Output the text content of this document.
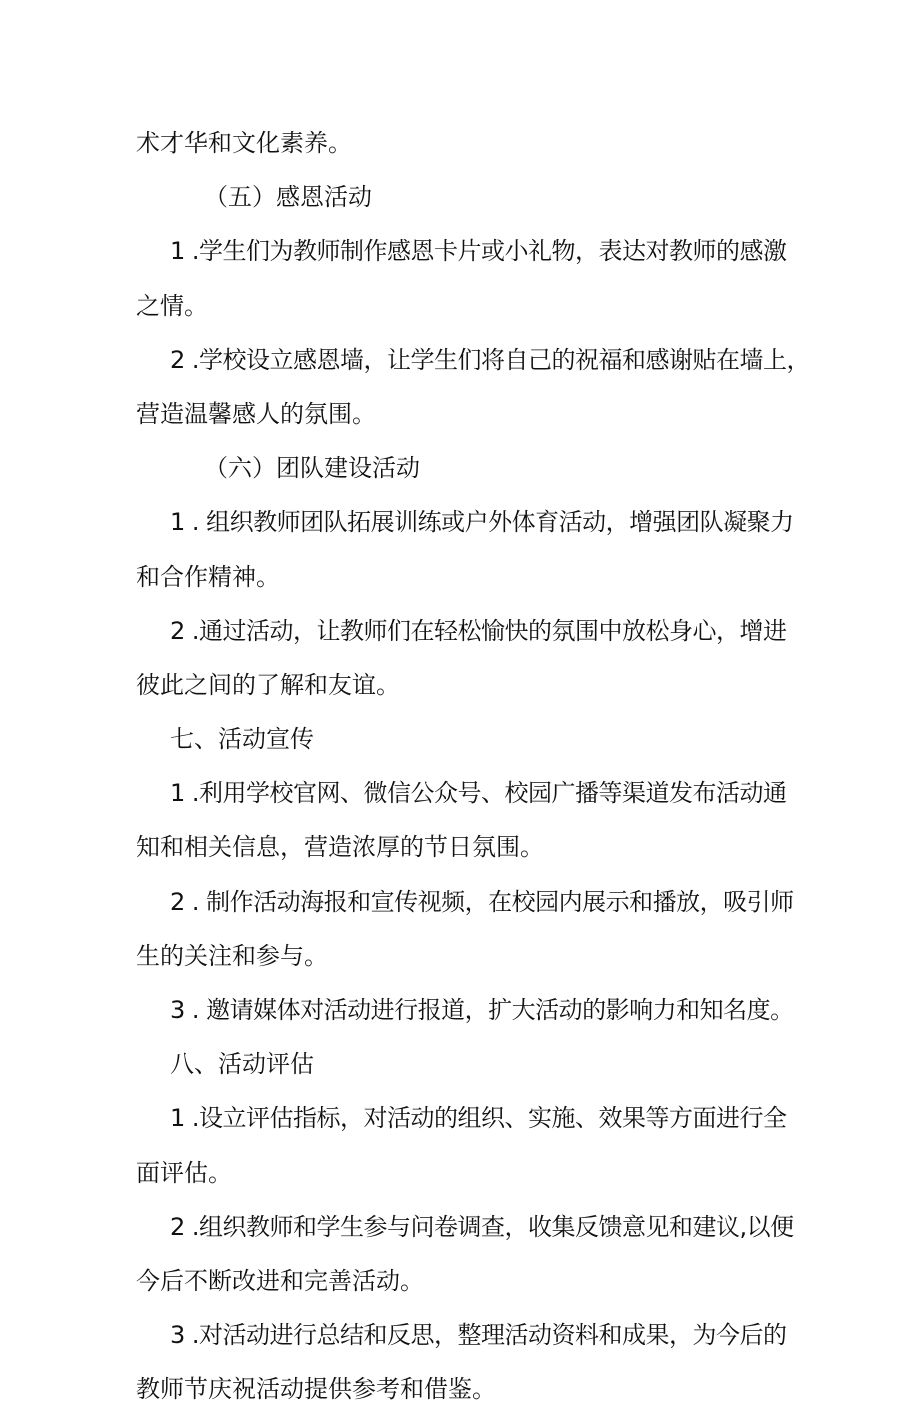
术才华和文化素养。
（五）感恩活动
1 .学生们为教师制作感恩卡片或小礼物，表达对教师的感激
之情。
2 .学校设立感恩墙，让学生们将自己的祝福和感谢贴在墙上，
营造温馨感人的氛围。
（六）团队建设活动
1 . 组织教师团队拓展训练或户外体育活动，增强团队凝聚力
和合作精神。
2 .通过活动，让教师们在轻松愉快的氛围中放松身心，增进
彼此之间的了解和友谊。
七、活动宣传
1 .利用学校官网、微信公众号、校园广播等渠道发布活动通
知和相关信息，营造浓厚的节日氛围。
2 . 制作活动海报和宣传视频，在校园内展示和播放，吸引师
生的关注和参与。
3 . 邀请媒体对活动进行报道，扩大活动的影响力和知名度。
八、活动评估
1 .设立评估指标，对活动的组织、实施、效果等方面进行全
面评估。
2 .组织教师和学生参与问卷调查，收集反馈意见和建议,以便
今后不断改进和完善活动。
3 .对活动进行总结和反思，整理活动资料和成果，为今后的
教师节庆祝活动提供参考和借鉴。
